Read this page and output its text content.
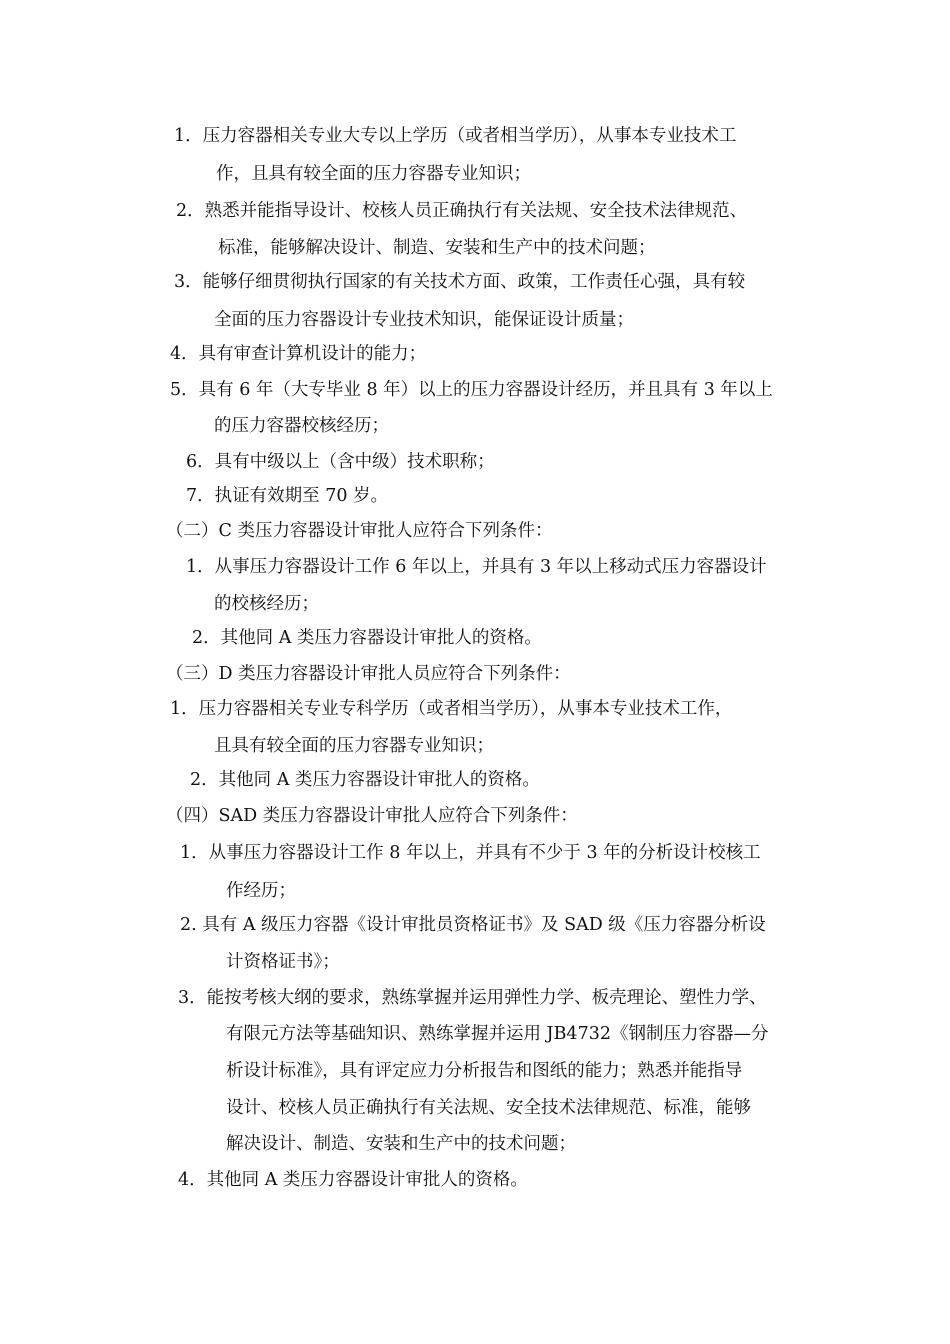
1．压力容器相关专业大专以上学历（或者相当学历），从事本专业技术工
作，且具有较全面的压力容器专业知识；
2．熟悉并能指导设计、校核人员正确执行有关法规、安全技术法律规范、
标准，能够解决设计、制造、安装和生产中的技术问题；
3．能够仔细贯彻执行国家的有关技术方面、政策，工作责任心强，具有较
全面的压力容器设计专业技术知识，能保证设计质量；
4．具有审查计算机设计的能力；
5．具有 6 年（大专毕业 8 年）以上的压力容器设计经历，并且具有 3 年以上
的压力容器校核经历；
6．具有中级以上（含中级）技术职称；
7．执证有效期至 70 岁。
（二）C 类压力容器设计审批人应符合下列条件：
1．从事压力容器设计工作 6 年以上，并具有 3 年以上移动式压力容器设计
的校核经历；
2．其他同 A 类压力容器设计审批人的资格。
（三）D 类压力容器设计审批人员应符合下列条件：
1．压力容器相关专业专科学历（或者相当学历），从事本专业技术工作，
且具有较全面的压力容器专业知识；
2．其他同 A 类压力容器设计审批人的资格。
（四）SAD 类压力容器设计审批人应符合下列条件：
1．从事压力容器设计工作 8 年以上，并具有不少于 3 年的分析设计校核工
作经历；
2. 具有 A 级压力容器《设计审批员资格证书》及 SAD 级《压力容器分析设
计资格证书》；
3．能按考核大纲的要求，熟练掌握并运用弹性力学、板壳理论、塑性力学、
有限元方法等基础知识、熟练掌握并运用 JB4732《钢制压力容器—分
析设计标准》，具有评定应力分析报告和图纸的能力；熟悉并能指导
设计、校核人员正确执行有关法规、安全技术法律规范、标准，能够
解决设计、制造、安装和生产中的技术问题；
4．其他同 A 类压力容器设计审批人的资格。
